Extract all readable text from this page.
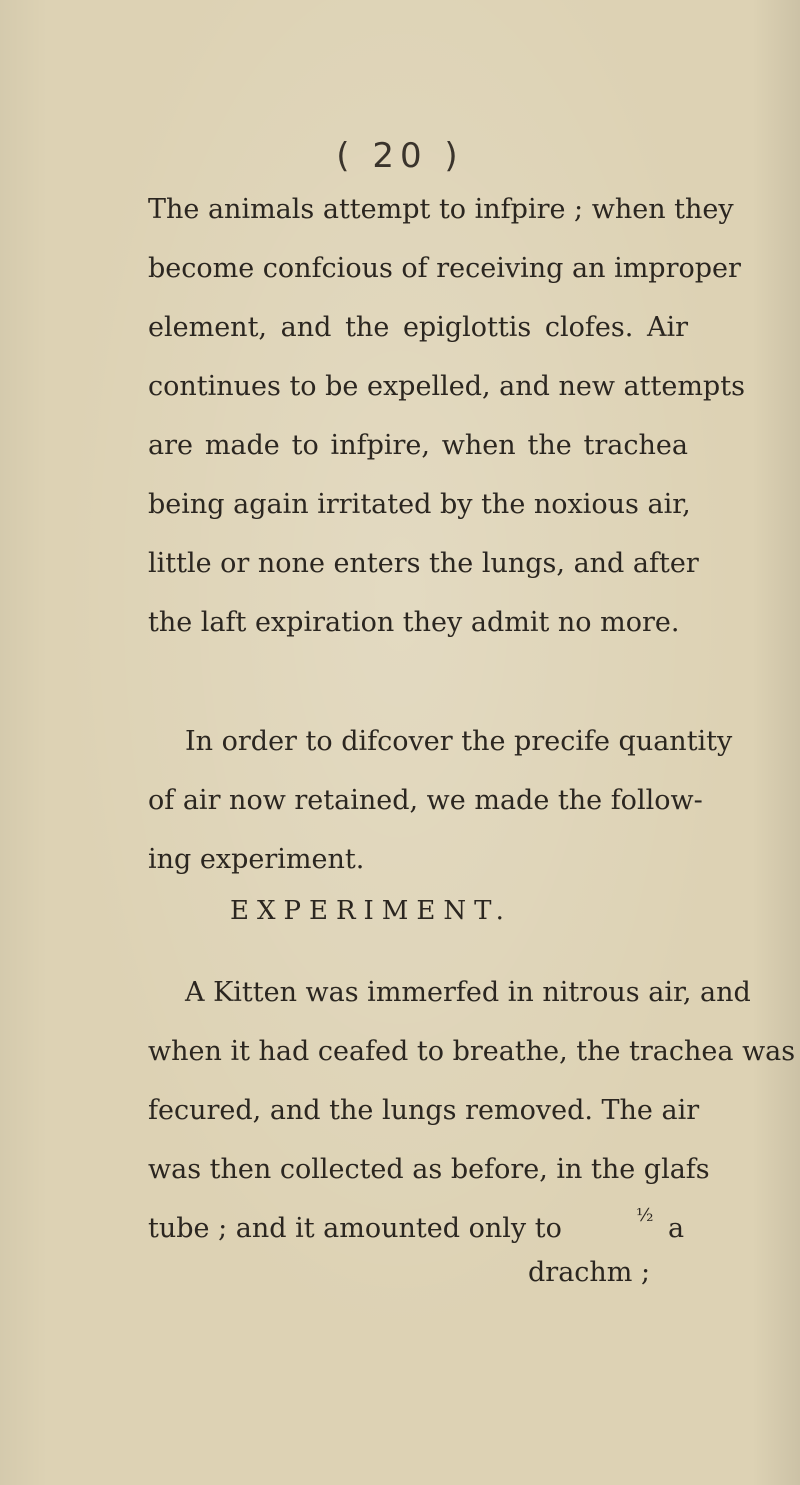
( 20 )
The animals attempt to infpire ; when they
become confcious of receiving an improper
element, and the epiglottis clofes. Air
continues to be expelled, and new attempts
are made to infpire, when the trachea
being again irritated by the noxious air,
little or none enters the lungs, and after
the laft expiration they admit no more.
In order to difcover the precife quantity
of air now retained, we made the follow-
ing experiment.
EXPERIMENT.
A Kitten was immerfed in nitrous air, and
when it had ceafed to breathe, the trachea was
fecured, and the lungs removed. The air
was then collected as before, in the glafs
tube ; and it amounted only to	½ a
drachm ;
